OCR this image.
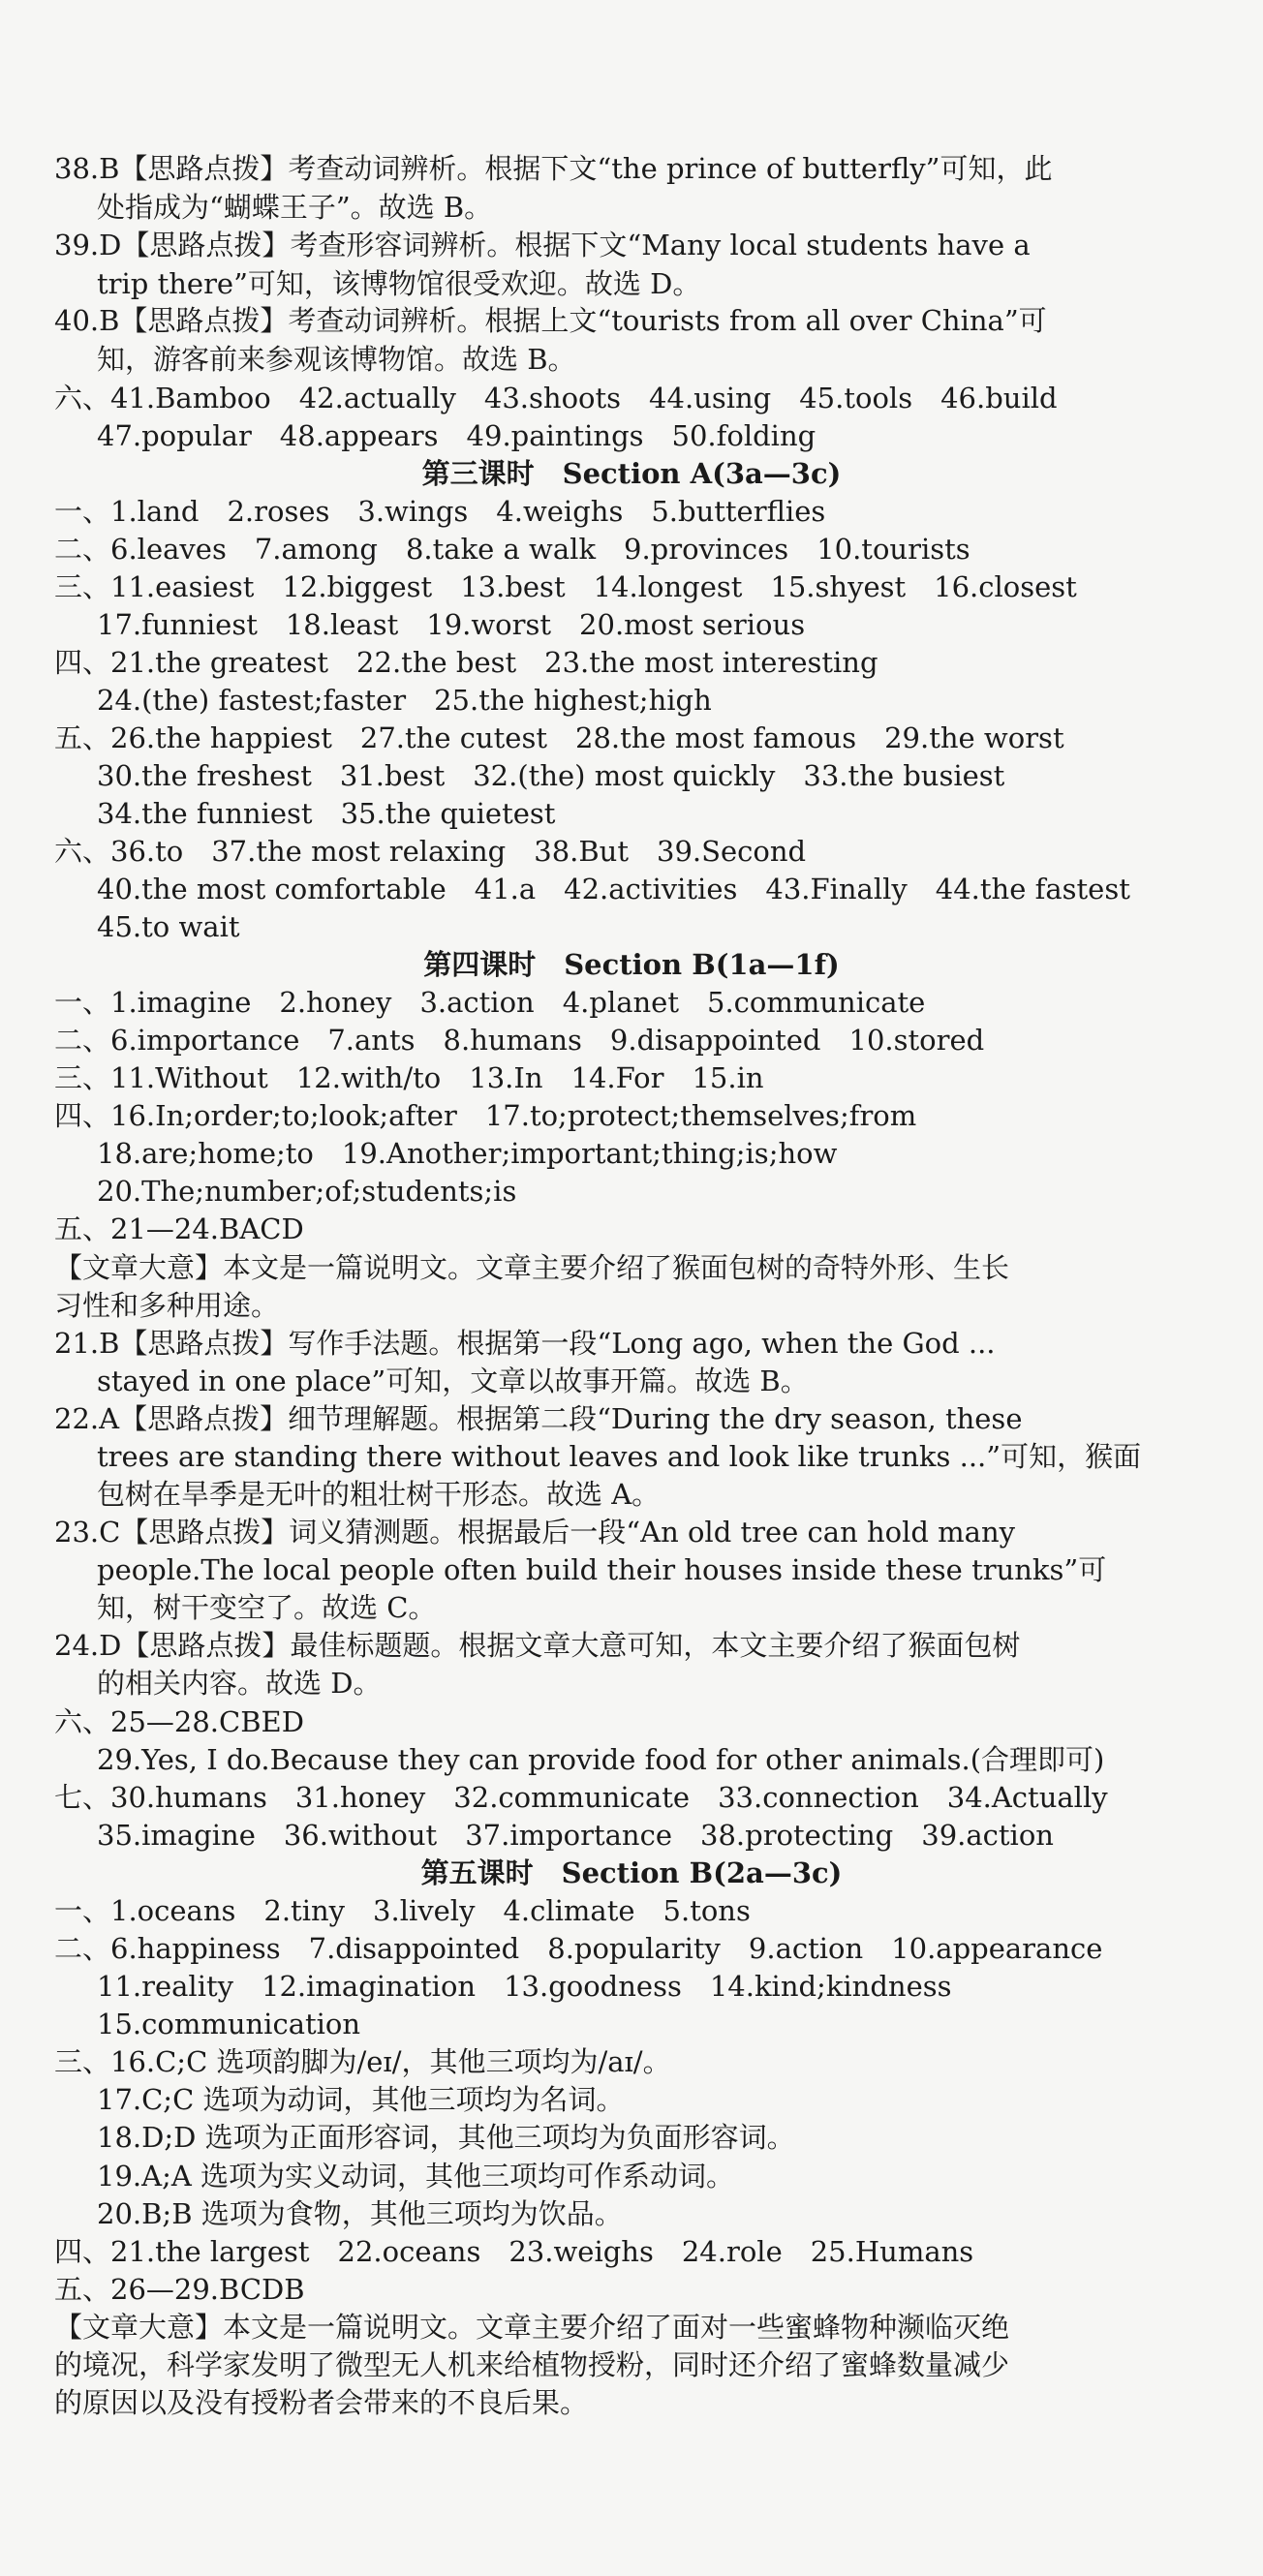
38.B【思路点拨】考查动词辨析。根据下文“the prince of butterfly”可知，此
处指成为“蝴蝶王子”。故选 B。
39.D【思路点拨】考查形容词辨析。根据下文“Many local students have a
trip there”可知，该博物馆很受欢迎。故选 D。
40.B【思路点拨】考查动词辨析。根据上文“tourists from all over China”可
知，游客前来参观该博物馆。故选 B。
六、41.Bamboo　42.actually　43.shoots　44.using　45.tools　46.build
47.popular　48.appears　49.paintings　50.folding
第三课时　Section A(3a—3c)
一、1.land　2.roses　3.wings　4.weighs　5.butterflies
二、6.leaves　7.among　8.take a walk　9.provinces　10.tourists
三、11.easiest　12.biggest　13.best　14.longest　15.shyest　16.closest
17.funniest　18.least　19.worst　20.most serious
四、21.the greatest　22.the best　23.the most interesting
24.(the) fastest;faster　25.the highest;high
五、26.the happiest　27.the cutest　28.the most famous　29.the worst
30.the freshest　31.best　32.(the) most quickly　33.the busiest
34.the funniest　35.the quietest
六、36.to　37.the most relaxing　38.But　39.Second
40.the most comfortable　41.a　42.activities　43.Finally　44.the fastest
45.to wait
第四课时　Section B(1a—1f)
一、1.imagine　2.honey　3.action　4.planet　5.communicate
二、6.importance　7.ants　8.humans　9.disappointed　10.stored
三、11.Without　12.with/to　13.In　14.For　15.in
四、16.In;order;to;look;after　17.to;protect;themselves;from
18.are;home;to　19.Another;important;thing;is;how
20.The;number;of;students;is
五、21—24.BACD
【文章大意】本文是一篇说明文。文章主要介绍了猴面包树的奇特外形、生长
习性和多种用途。
21.B【思路点拨】写作手法题。根据第一段“Long ago, when the God ...
stayed in one place”可知，文章以故事开篇。故选 B。
22.A【思路点拨】细节理解题。根据第二段“During the dry season, these
trees are standing there without leaves and look like trunks ...”可知，猴面
包树在旱季是无叶的粗壮树干形态。故选 A。
23.C【思路点拨】词义猜测题。根据最后一段“An old tree can hold many
people.The local people often build their houses inside these trunks”可
知，树干变空了。故选 C。
24.D【思路点拨】最佳标题题。根据文章大意可知，本文主要介绍了猴面包树
的相关内容。故选 D。
六、25—28.CBED
29.Yes, I do.Because they can provide food for other animals.(合理即可)
七、30.humans　31.honey　32.communicate　33.connection　34.Actually
35.imagine　36.without　37.importance　38.protecting　39.action
第五课时　Section B(2a—3c)
一、1.oceans　2.tiny　3.lively　4.climate　5.tons
二、6.happiness　7.disappointed　8.popularity　9.action　10.appearance
11.reality　12.imagination　13.goodness　14.kind;kindness
15.communication
三、16.C;C 选项韵脚为/eɪ/，其他三项均为/aɪ/。
17.C;C 选项为动词，其他三项均为名词。
18.D;D 选项为正面形容词，其他三项均为负面形容词。
19.A;A 选项为实义动词，其他三项均可作系动词。
20.B;B 选项为食物，其他三项均为饮品。
四、21.the largest　22.oceans　23.weighs　24.role　25.Humans
五、26—29.BCDB
【文章大意】本文是一篇说明文。文章主要介绍了面对一些蜜蜂物种濒临灭绝
的境况，科学家发明了微型无人机来给植物授粉，同时还介绍了蜜蜂数量减少
的原因以及没有授粉者会带来的不良后果。
